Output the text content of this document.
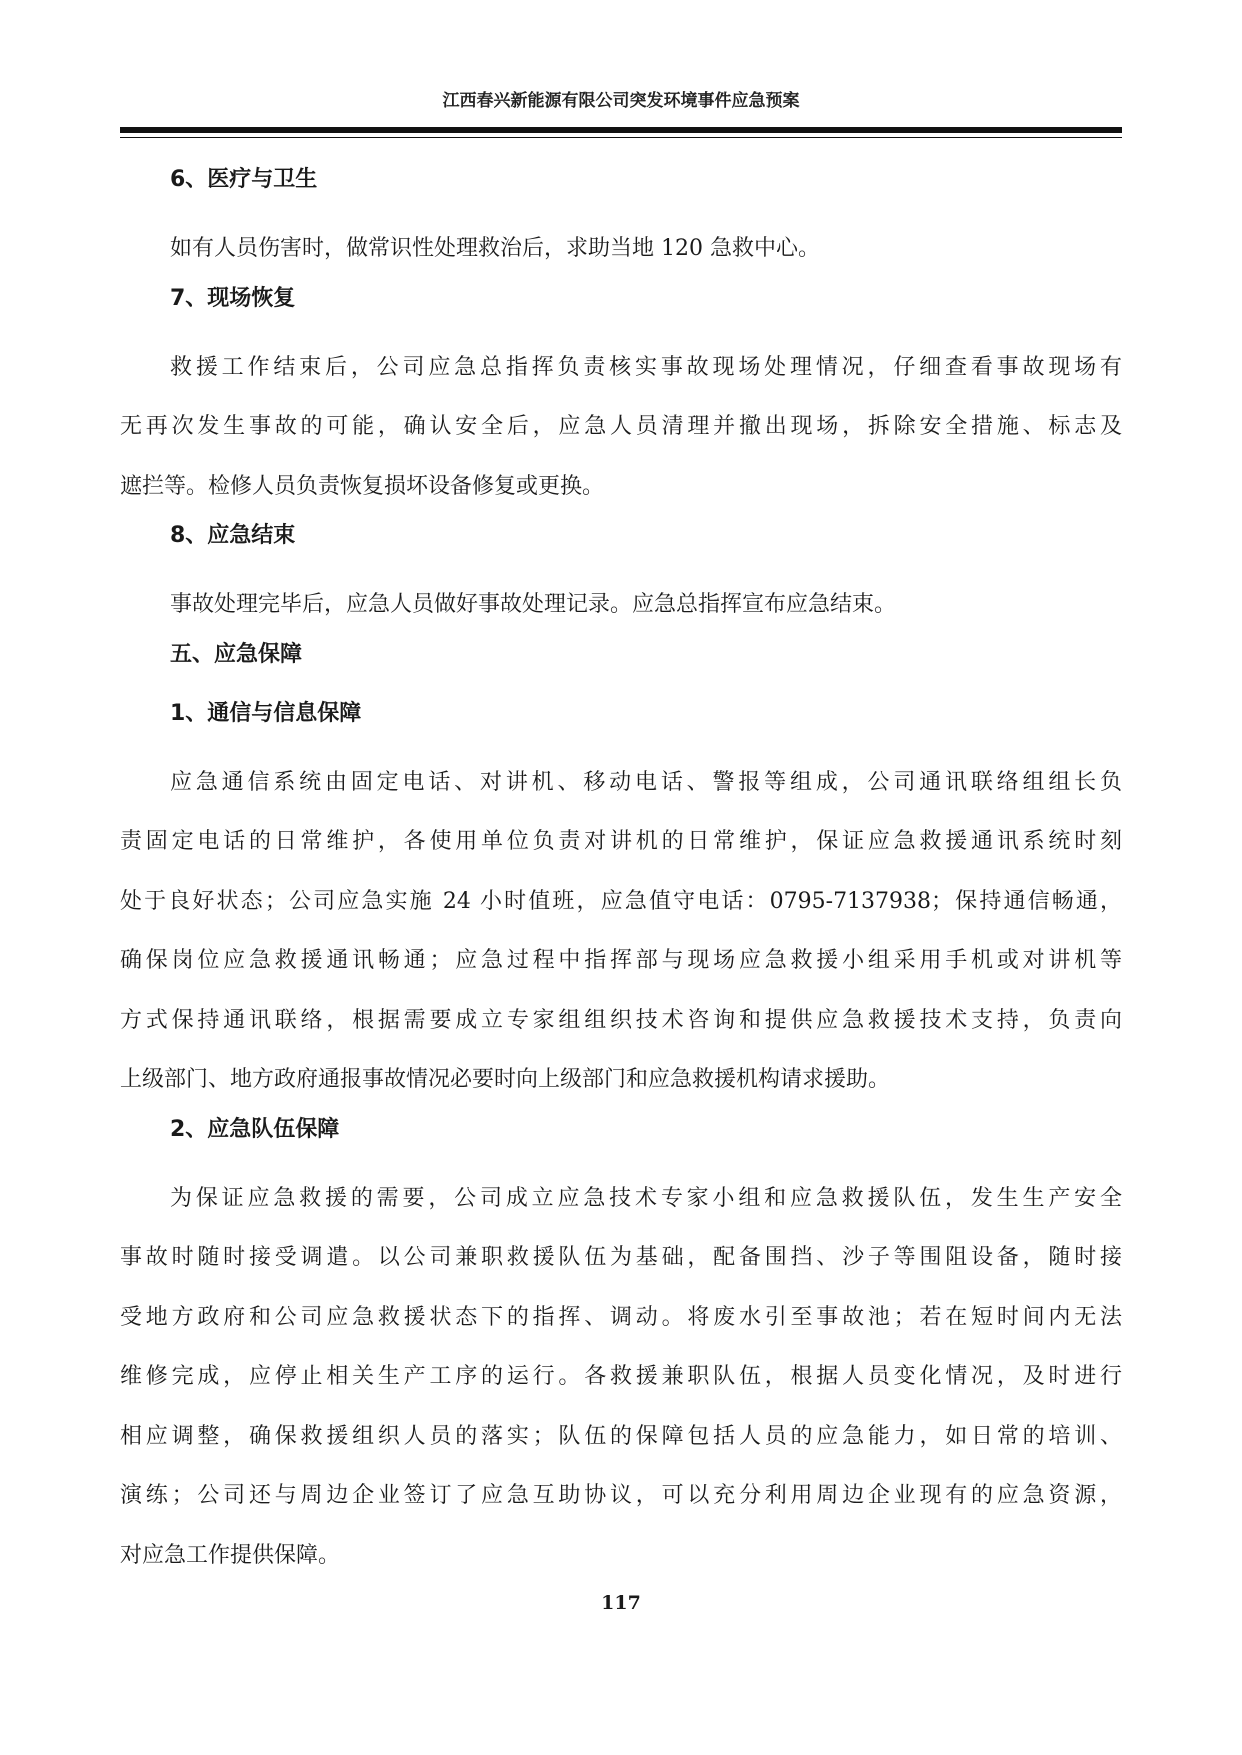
江西春兴新能源有限公司突发环境事件应急预案
6、医疗与卫生

如有人员伤害时，做常识性处理救治后，求助当地 120 急救中心。

7、现场恢复

救援工作结束后，公司应急总指挥负责核实事故现场处理情况，仔细查看事故现场有
无再次发生事故的可能，确认安全后，应急人员清理并撤出现场，拆除安全措施、标志及
遮拦等。检修人员负责恢复损坏设备修复或更换。

8、应急结束

事故处理完毕后，应急人员做好事故处理记录。应急总指挥宣布应急结束。

五、应急保障
1、通信与信息保障

应急通信系统由固定电话、对讲机、移动电话、警报等组成，公司通讯联络组组长负
责固定电话的日常维护，各使用单位负责对讲机的日常维护，保证应急救援通讯系统时刻
处于良好状态；公司应急实施 24 小时值班，应急值守电话：0795-7137938；保持通信畅通，
确保岗位应急救援通讯畅通；应急过程中指挥部与现场应急救援小组采用手机或对讲机等
方式保持通讯联络，根据需要成立专家组组织技术咨询和提供应急救援技术支持，负责向
上级部门、地方政府通报事故情况必要时向上级部门和应急救援机构请求援助。

2、应急队伍保障

为保证应急救援的需要，公司成立应急技术专家小组和应急救援队伍，发生生产安全
事故时随时接受调遣。以公司兼职救援队伍为基础，配备围挡、沙子等围阻设备，随时接
受地方政府和公司应急救援状态下的指挥、调动。将废水引至事故池；若在短时间内无法
维修完成，应停止相关生产工序的运行。各救援兼职队伍，根据人员变化情况，及时进行
相应调整，确保救援组织人员的落实；队伍的保障包括人员的应急能力，如日常的培训、
演练；公司还与周边企业签订了应急互助协议，可以充分利用周边企业现有的应急资源，
对应急工作提供保障。

117
